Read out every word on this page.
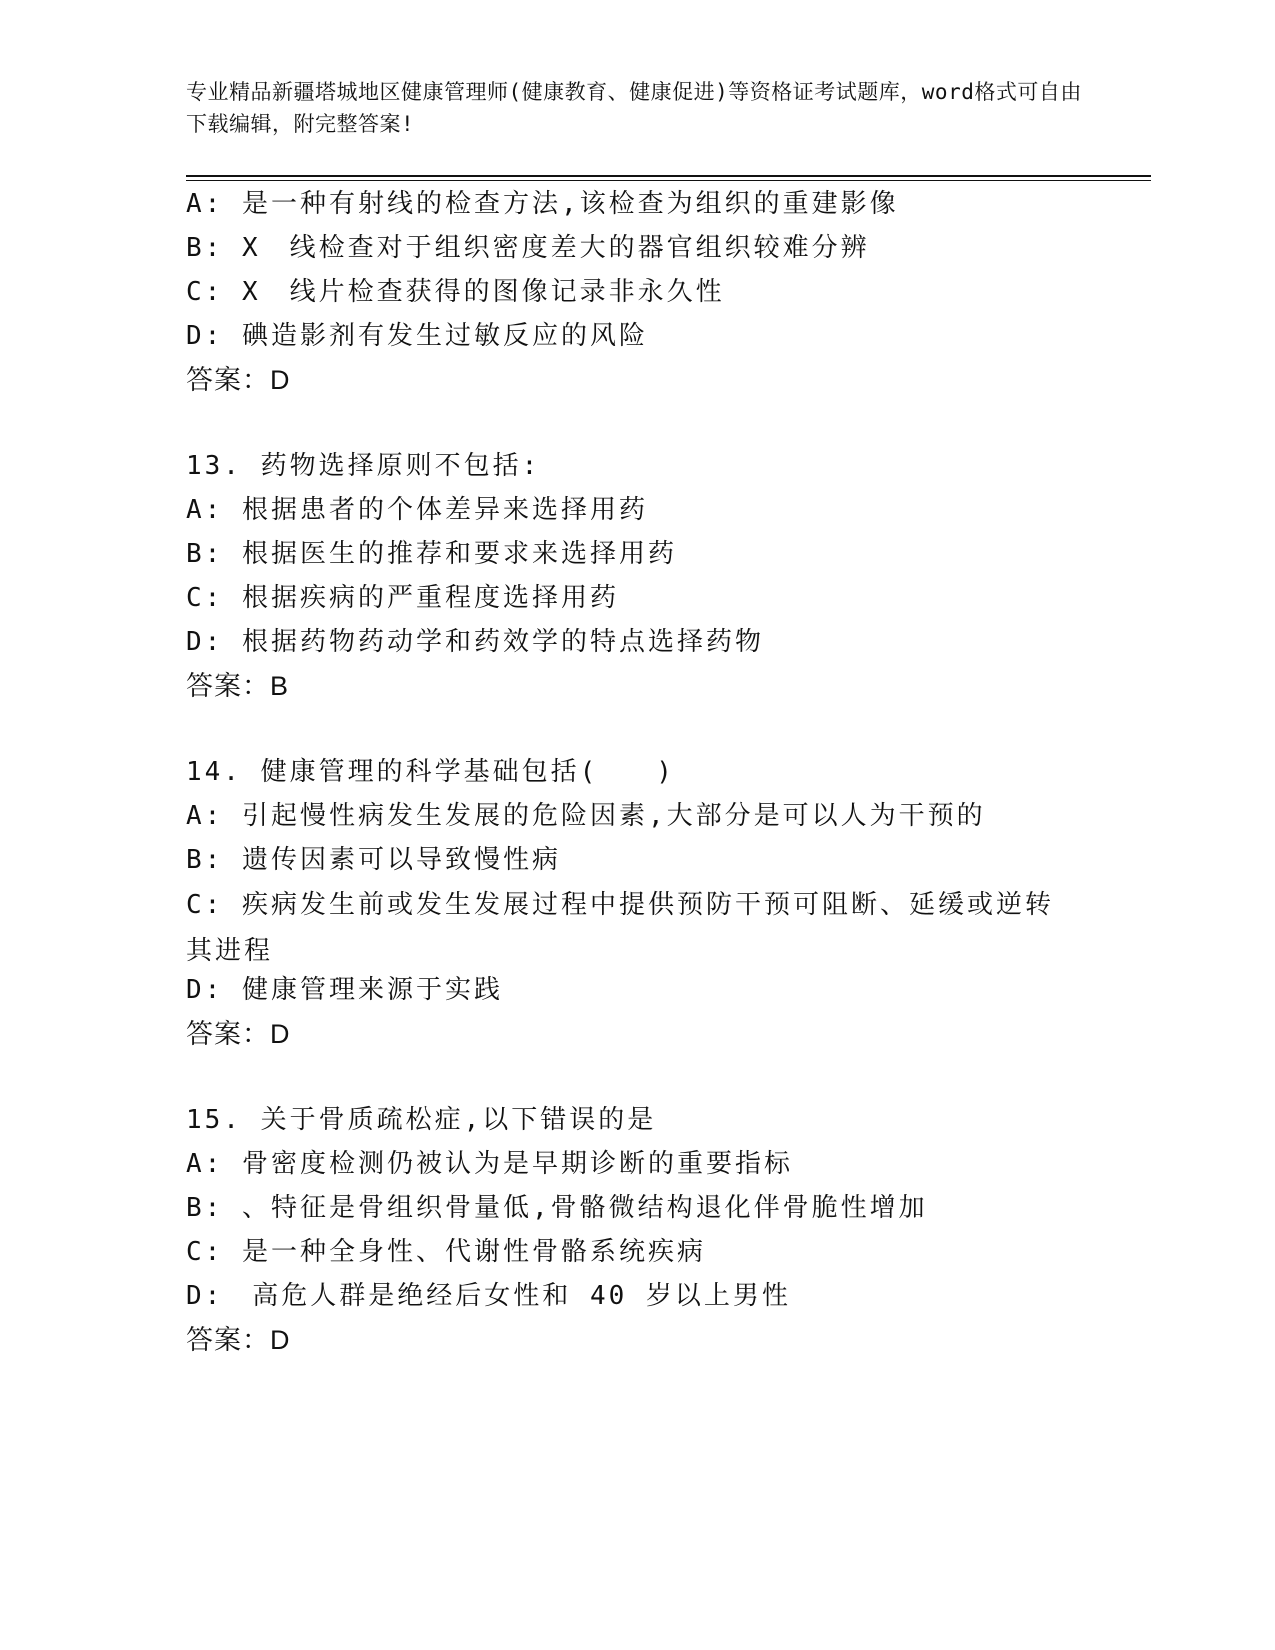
专业精品新疆塔城地区健康管理师(健康教育、健康促进)等资格证考试题库，word格式可自由下载编辑，附完整答案!
A: 是一种有射线的检查方法,该检查为组织的重建影像
B: X　线检查对于组织密度差大的器官组织较难分辨
C: X　线片检查获得的图像记录非永久性
D: 碘造影剂有发生过敏反应的风险
答案：D
13. 药物选择原则不包括:
A: 根据患者的个体差异来选择用药
B: 根据医生的推荐和要求来选择用药
C: 根据疾病的严重程度选择用药
D: 根据药物药动学和药效学的特点选择药物
答案：B
14. 健康管理的科学基础包括(　　)
A: 引起慢性病发生发展的危险因素,大部分是可以人为干预的
B: 遗传因素可以导致慢性病
C: 疾病发生前或发生发展过程中提供预防干预可阻断、延缓或逆转其进程
D: 健康管理来源于实践
答案：D
15. 关于骨质疏松症,以下错误的是
A: 骨密度检测仍被认为是早期诊断的重要指标
B: 、特征是骨组织骨量低,骨骼微结构退化伴骨脆性增加
C: 是一种全身性、代谢性骨骼系统疾病
D:　高危人群是绝经后女性和 40 岁以上男性
答案：D
